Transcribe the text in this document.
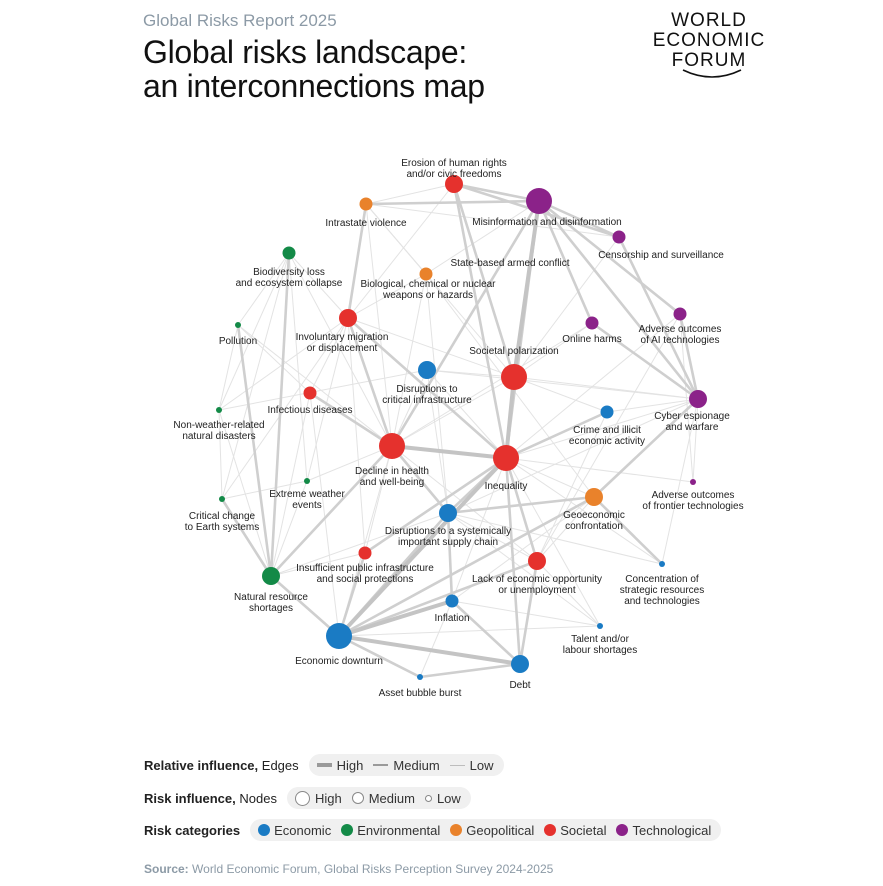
Global Risks Report 2025
Global risks landscape:
an interconnections map
WORLD
ECONOMIC
FORUM
Erosion of human rights and/or civic freedoms
Misinformation and disinformation
Intrastate violence
Censorship and surveillance
Biodiversity loss and ecosystem collapse
State-based armed conflict
Biological, chemical or nuclear weapons or hazards
Pollution	Involuntary migration or displacement
Online harms
Adverse outcomes of AI technologies
Societal polarization
Disruptions to critical infrastructure
Infectious diseases
Non-weather-related natural disasters
Crime and illicit economic activity
Cyber espionage and warfare
Decline in health and well-being	Inequality
Extreme weather events
Adverse outcomes of frontier technologies
Critical change to Earth systems
Geoeconomic confrontation
Disruptions to a systemically important supply chain
Insufficient public infrastructure and social protections	Lack of economic opportunity or unemployment
Concentration of strategic resources and technologies
Natural resource shortages
Inflation
Talent and/or labour shortages
Economic downturn
Debt
Asset bubble burst
Relative influence, Edges	High Medium Low
Risk influence, Nodes	High Medium Low
Risk categories	Economic Environmental Geopolitical Societal Technological
Source: World Economic Forum, Global Risks Perception Survey 2024-2025
